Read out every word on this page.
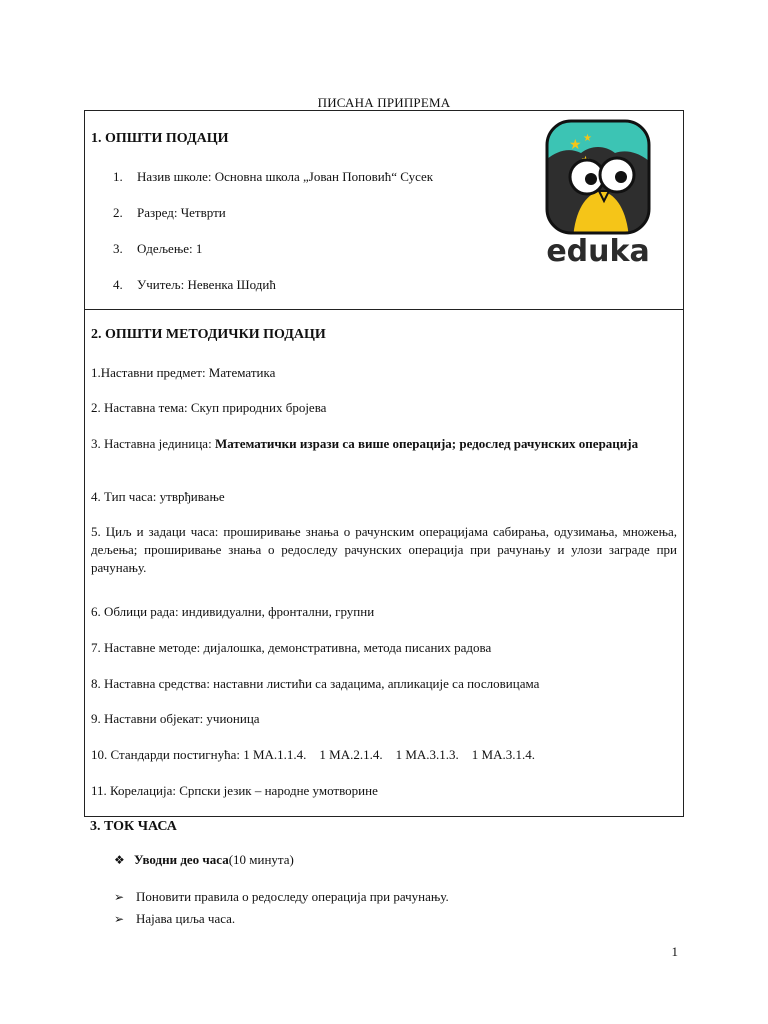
ПИСАНА ПРИПРЕМА
1. ОПШТИ ПОДАЦИ
1.	Назив школе: Основна школа „Јован Поповић“ Сусек
2.	Разред: Четврти
3.	Одељење: 1
4.	Учитељ: Невенка Шодић
★ ★
eduka
2. ОПШТИ МЕТОДИЧКИ ПОДАЦИ
1.Наставни предмет: Математика
2. Наставна тема: Скуп природних бројева
3. Наставна јединица: Математички изрази са више операција; редослед рачунских операција
4. Тип часа: утврђивање
5. Циљ и задаци часа: проширивање знања о рачунским операцијама сабирања, одузимања, множења, дељења; проширивање знања о редоследу рачунских операција при рачунању и улози заграде при рачунању.
6. Облици рада: индивидуални, фронтални, групни
7. Наставне методе: дијалошка, демонстративна, метода писаних радова
8. Наставна средства: наставни листићи са задацима, апликације са пословицама
9. Наставни објекат: учионица
10. Стандарди постигнућа: 1 МА.1.1.4.    1 МА.2.1.4.    1 МА.3.1.3.    1 МА.3.1.4.
11. Корелација: Српски језик – народне умотворине
3. ТОК ЧАСА
❖ Уводни део часа (10 минута)
➢ Поновити правила о редоследу операција при рачунању.
➢ Најава циља часа.
1
